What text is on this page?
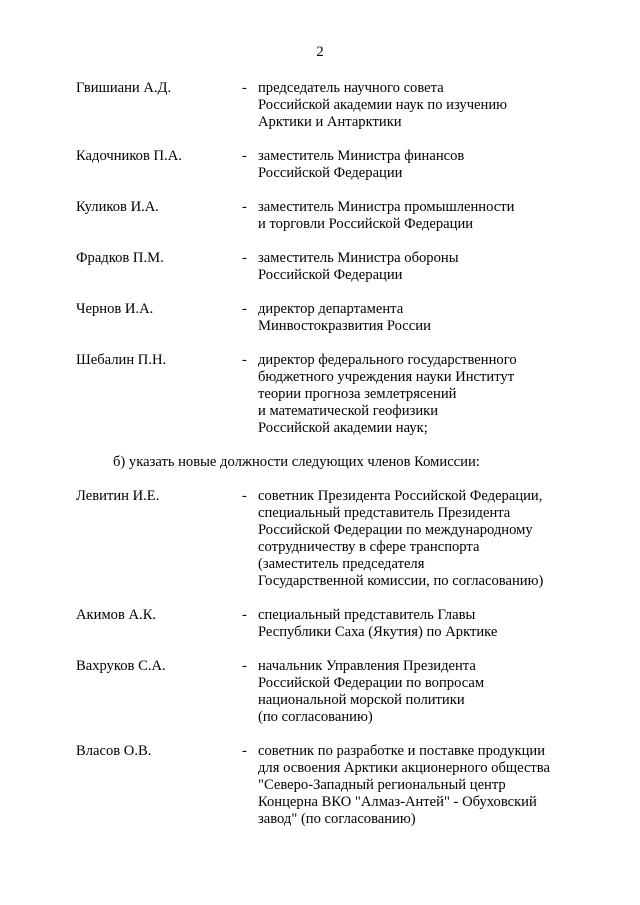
2
Гвишиани А.Д.	- председатель научного совета
Российской академии наук по изучению
Арктики и Антарктики
Кадочников П.А.	- заместитель Министра финансов
Российской Федерации
Куликов И.А.	- заместитель Министра промышленности
и торговли Российской Федерации
Фрадков П.М.	- заместитель Министра обороны
Российской Федерации
Чернов И.А.	- директор департамента
Минвостокразвития России
Шебалин П.Н.	- директор федерального государственного
бюджетного учреждения науки Институт
теории прогноза землетрясений
и математической геофизики
Российской академии наук;
б) указать новые должности следующих членов Комиссии:
Левитин И.Е.	- советник Президента Российской Федерации,
специальный представитель Президента
Российской Федерации по международному
сотрудничеству в сфере транспорта
(заместитель председателя
Государственной комиссии, по согласованию)
Акимов А.К.	- специальный представитель Главы
Республики Саха (Якутия) по Арктике
Вахруков С.А.	- начальник Управления Президента
Российской Федерации по вопросам
национальной морской политики
(по согласованию)
Власов О.В.	- советник по разработке и поставке продукции
для освоения Арктики акционерного общества
"Северо-Западный региональный центр
Концерна ВКО "Алмаз-Антей" - Обуховский
завод" (по согласованию)
